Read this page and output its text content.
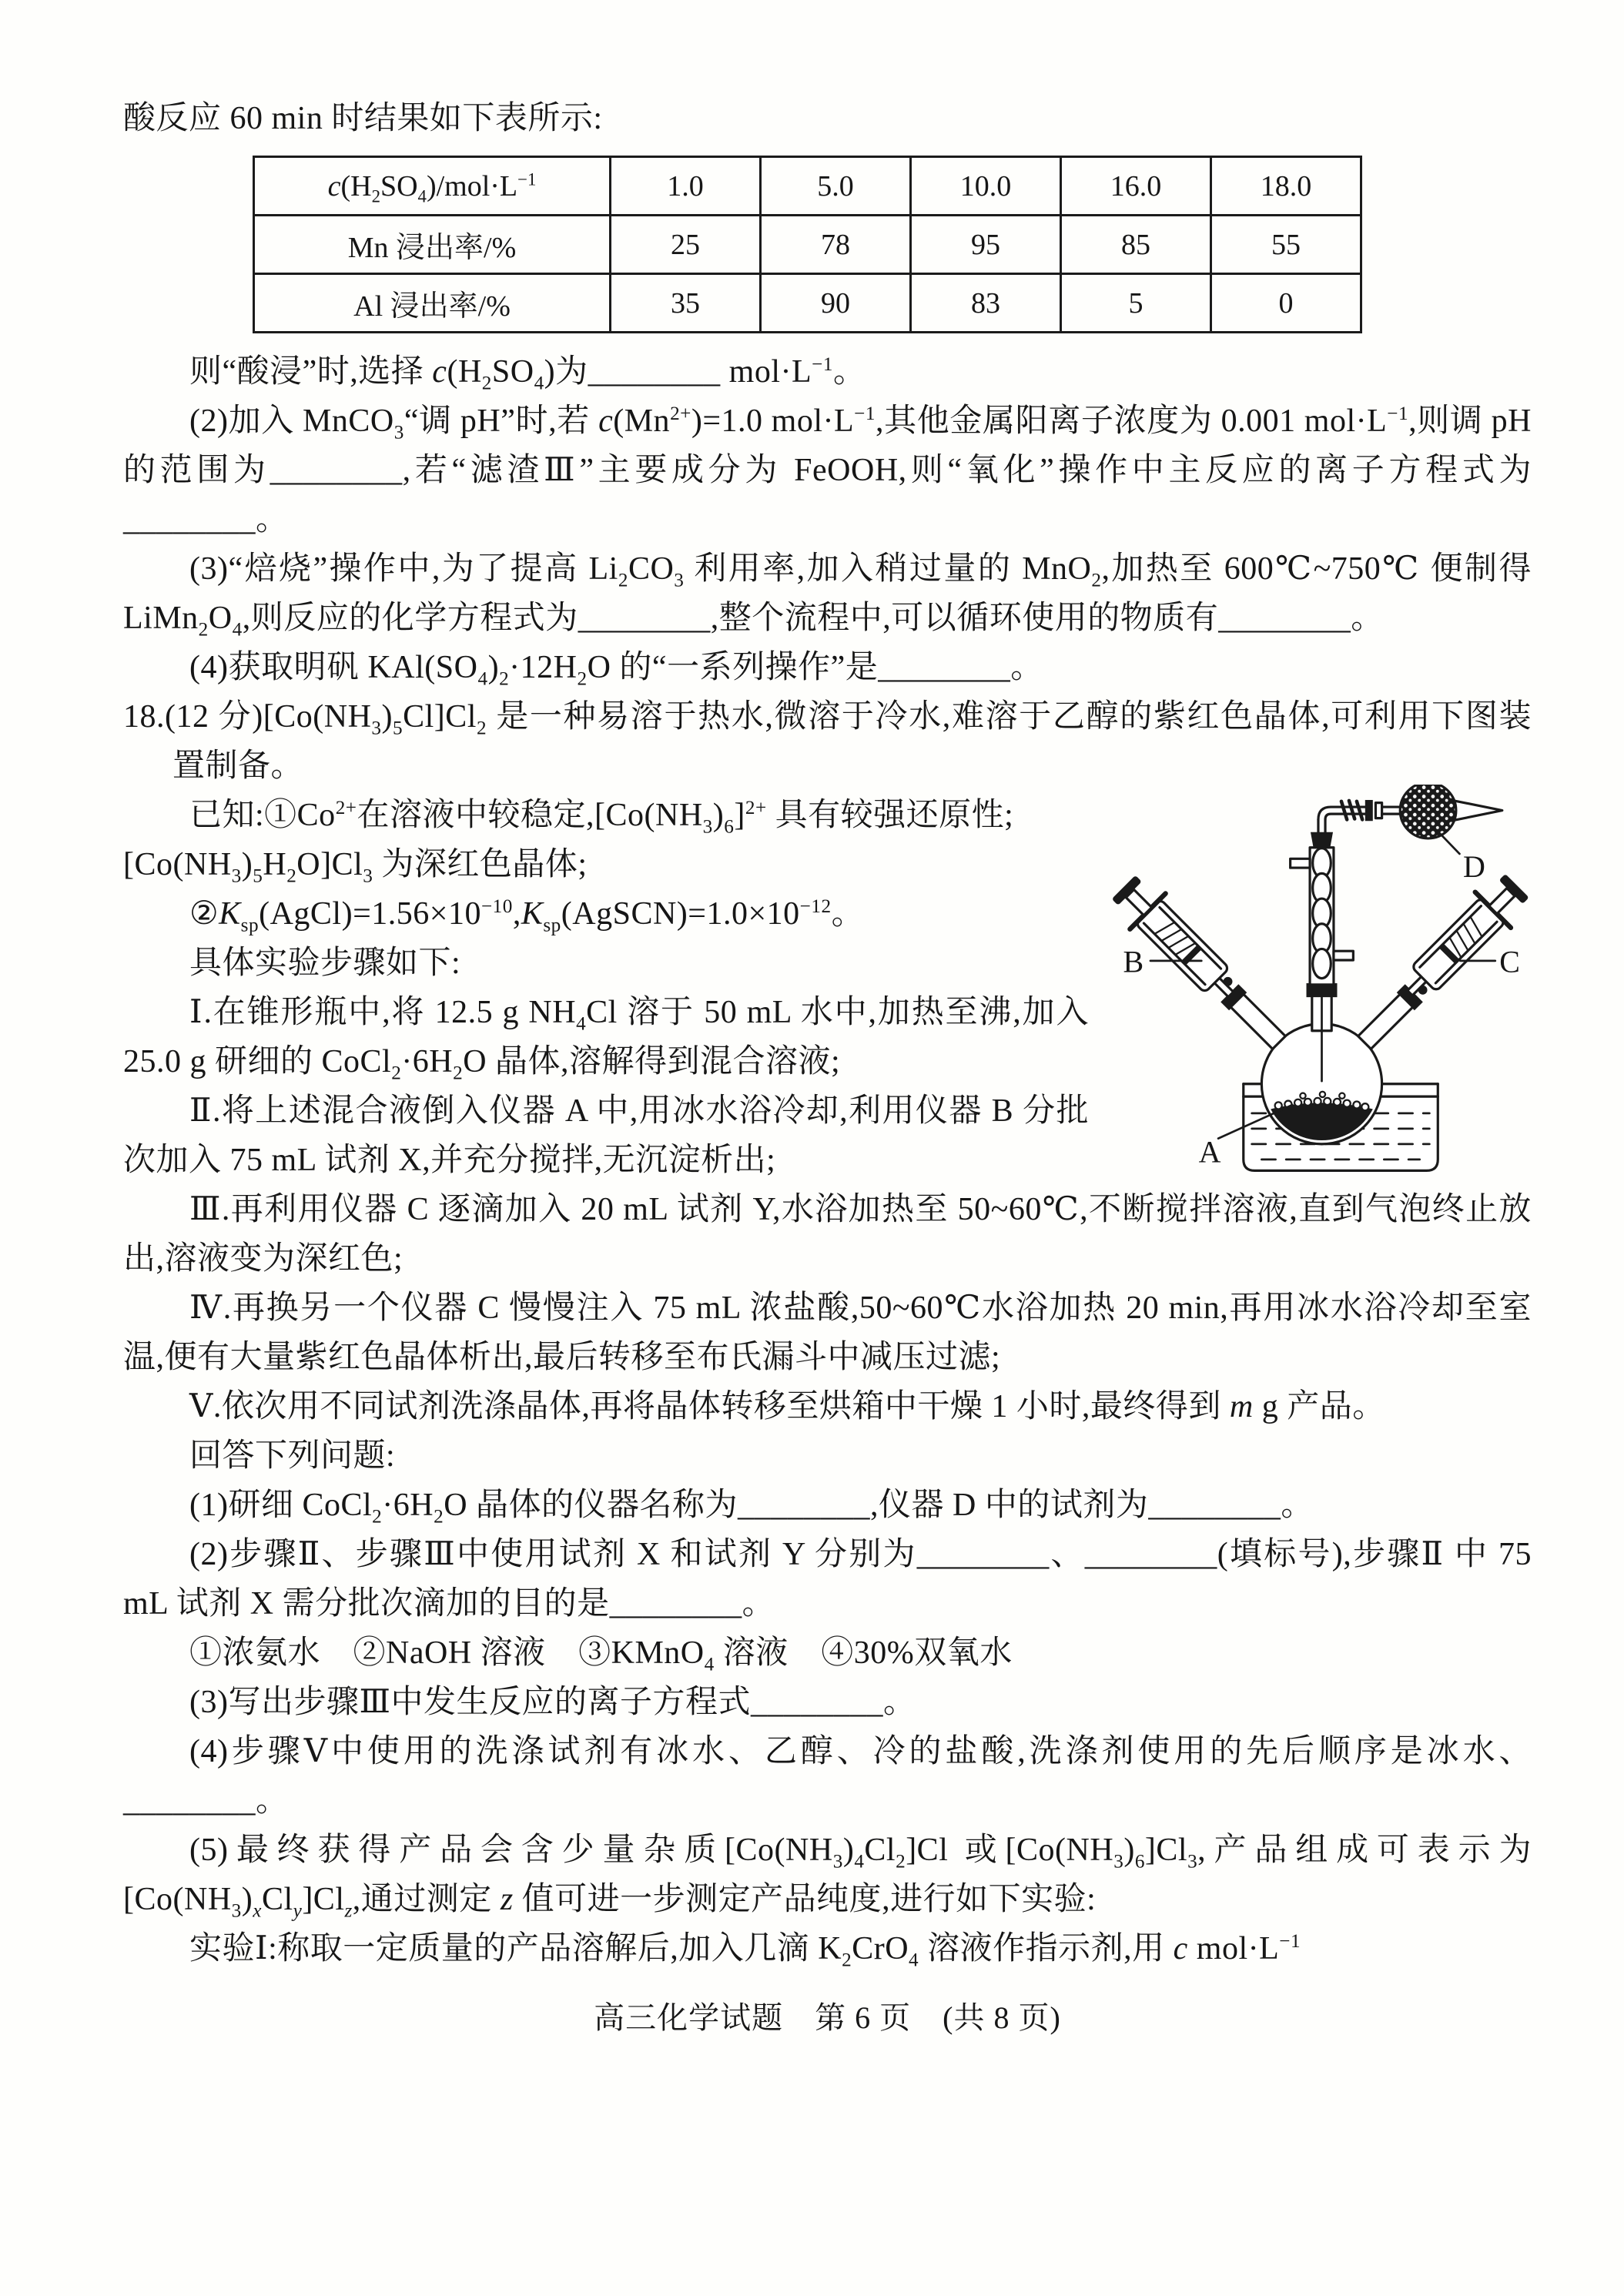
酸反应 60 min 时结果如下表所示:
$c(H_2SO_4)/mol\cdot L^{-1}$	1.0	5.0	10.0	16.0	18.0
Mn 浸出率/%	25	78	95	85	55
Al 浸出率/%	35	90	83	5	0
则“酸浸”时,选择 $c(H_2SO_4)$为________ $mol\cdot L^{-1}$。
(2)加入 MnCO$_3$“调 pH”时,若 $c(Mn^{2+})=1.0$ $mol\cdot L^{-1}$,其他金属阳离子浓度为 0.001 $mol\cdot L^{-1}$,则调 pH 的范围为________,若“滤渣Ⅲ”主要成分为 FeOOH,则“氧化”操作中主反应的离子方程式为________。
(3)“焙烧”操作中,为了提高 $Li_2CO_3$ 利用率,加入稍过量的 MnO$_2$,加热至 600℃~750℃ 便制得 $LiMn_2O_4$,则反应的化学方程式为________,整个流程中,可以循环使用的物质有________。
(4)获取明矾 $KAl(SO_4)_2\cdot 12H_2O$ 的“一系列操作”是________。
18.(12 分)$[Co(NH_3)_5Cl]Cl_2$ 是一种易溶于热水,微溶于冷水,难溶于乙醇的紫红色晶体,可利用下图装置制备。
D
B	C
A
已知$:①Co^{2+}$在溶液中较稳定$,[Co(NH_3)_6]^{2+}$ 具有较强还原性;
$[Co(NH_3)_5H_2O]Cl_3$ 为深红色晶体;
$②K_{sp}(AgCl)=1.56\times 10^{-10},K_{sp}(AgSCN)=1.0\times 10^{-12}$。
具体实验步骤如下:
Ⅰ.在锥形瓶中,将 12.5 g $NH_4Cl$ 溶于 50 mL 水中,加热至沸,加入 25.0 g 研细的 $CoCl_2\cdot 6H_2O$ 晶体,溶解得到混合溶液;
Ⅱ.将上述混合液倒入仪器 A 中,用冰水浴冷却,利用仪器 B 分批次加入 75 mL 试剂 X,并充分搅拌,无沉淀析出;
Ⅲ.再利用仪器 C 逐滴加入 20 mL 试剂 Y,水浴加热至 50~60℃,不断搅拌溶液,直到气泡终止放出,溶液变为深红色;
Ⅳ.再换另一个仪器 C 慢慢注入 75 mL 浓盐酸,50~60℃水浴加热 20 min,再用冰水浴冷却至室温,便有大量紫红色晶体析出,最后转移至布氏漏斗中减压过滤;
Ⅴ.依次用不同试剂洗涤晶体,再将晶体转移至烘箱中干燥 1 小时,最终得到 m g 产品。
回答下列问题:
(1)研细 $CoCl_2\cdot 6H_2O$ 晶体的仪器名称为________,仪器 D 中的试剂为________。
(2)步骤Ⅱ、步骤Ⅲ中使用试剂 X 和试剂 Y 分别为________、________(填标号),步骤Ⅱ 中 75 mL 试剂 X 需分批次滴加的目的是________。
①浓氨水　②NaOH 溶液　③KMnO$_4$ 溶液　④30%双氧水
(3)写出步骤Ⅲ中发生反应的离子方程式________。
(4)步骤Ⅴ中使用的洗涤试剂有冰水、乙醇、冷的盐酸,洗涤剂使用的先后顺序是冰水、________。
(5)最终获得产品会含少量杂质$[Co(NH_3)_4Cl_2]Cl$ 或$[Co(NH_3)_6]Cl_3$,产品组成可表示为$[Co(NH_3)_xCl_y]Cl_z$,通过测定 z 值可进一步测定产品纯度,进行如下实验:
实验Ⅰ:称取一定质量的产品溶解后,加入几滴 $K_2CrO_4$ 溶液作指示剂,用 c $mol\cdot L^{-1}$
高三化学试题　第 6 页　(共 8 页)
